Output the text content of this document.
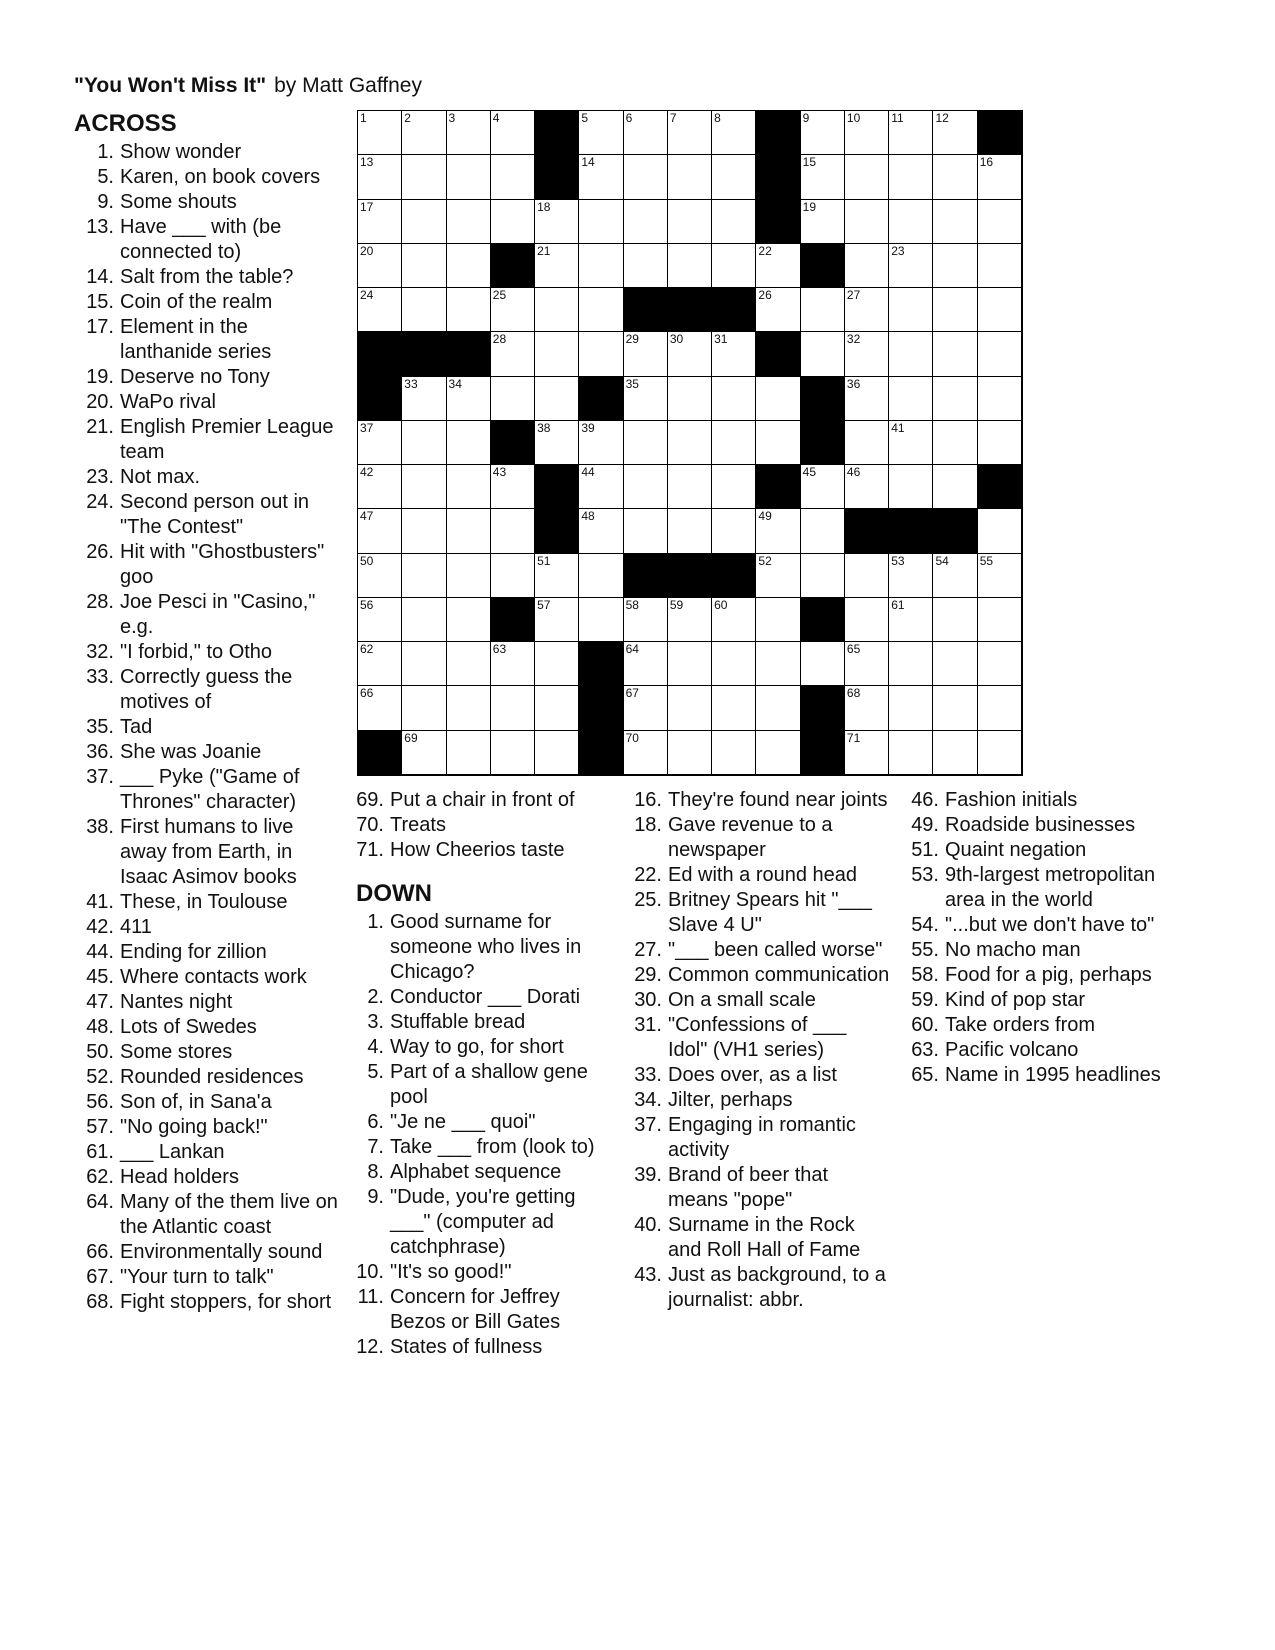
"You Won't Miss It" by Matt Gaffney
ACROSS	1	2	3	4	5	6	7	8	9	10	11	12
13	14	15	16
17	18	19
20	21	22	23
24	25	26	27
28	29	30	31	32
33	34	35	36
37	38	39	41
42	43	44	45	46
47	48	49
50	51	52	53	54	55
56	57	58	59	60	61
62	63	64	65
66	67	68
69	70	71
1. Show wonder
5. Karen, on book covers
9. Some shouts
13. Have ___ with (be connected to)
14. Salt from the table?
15. Coin of the realm
17. Element in the lanthanide series
19. Deserve no Tony
20. WaPo rival
21. English Premier League team
23. Not max.
24. Second person out in "The Contest"
26. Hit with "Ghostbusters" goo
28. Joe Pesci in "Casino," e.g.
32. "I forbid," to Otho
33. Correctly guess the motives of
35. Tad
36. She was Joanie
37. ___ Pyke ("Game of Thrones" character)
38. First humans to live away from Earth, in Isaac Asimov books
41. These, in Toulouse
42. 411
44. Ending for zillion
45. Where contacts work
47. Nantes night
48. Lots of Swedes
50. Some stores
52. Rounded residences
56. Son of, in Sana'a
57. "No going back!"
61. ___ Lankan
62. Head holders
64. Many of the them live on the Atlantic coast
66. Environmentally sound
67. "Your turn to talk"
68. Fight stoppers, for short
69. Put a chair in front of
70. Treats
71. How Cheerios taste
DOWN
1. Good surname for someone who lives in Chicago?
2. Conductor ___ Dorati
3. Stuffable bread
4. Way to go, for short
5. Part of a shallow gene pool
6. "Je ne ___ quoi"
7. Take ___ from (look to)
8. Alphabet sequence
9. "Dude, you're getting ___" (computer ad catchphrase)
10. "It's so good!"
11. Concern for Jeffrey Bezos or Bill Gates
12. States of fullness
16. They're found near joints
18. Gave revenue to a newspaper
22. Ed with a round head
25. Britney Spears hit "___ Slave 4 U"
27. "___ been called worse"
29. Common communication
30. On a small scale
31. "Confessions of ___ Idol" (VH1 series)
33. Does over, as a list
34. Jilter, perhaps
37. Engaging in romantic activity
39. Brand of beer that means "pope"
40. Surname in the Rock and Roll Hall of Fame
43. Just as background, to a journalist: abbr.
46. Fashion initials
49. Roadside businesses
51. Quaint negation
53. 9th-largest metropolitan area in the world
54. "...but we don't have to"
55. No macho man
58. Food for a pig, perhaps
59. Kind of pop star
60. Take orders from
63. Pacific volcano
65. Name in 1995 headlines
